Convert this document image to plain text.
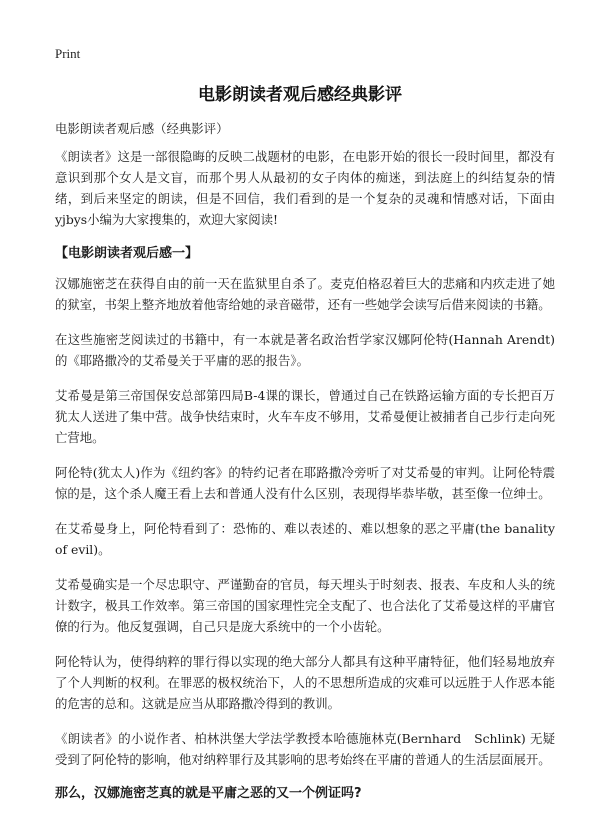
Print
电影朗读者观后感经典影评

电影朗读者观后感（经典影评）

《朗读者》这是一部很隐晦的反映二战题材的电影，在电影开始的很长一段时间里，都没有意识到那个女人是文盲，而那个男人从最初的女子肉体的痴迷，到法庭上的纠结复杂的情绪，到后来坚定的朗读，但是不回信，我们看到的是一个复杂的灵魂和情感对话，下面由yjbys小编为大家搜集的，欢迎大家阅读!

【电影朗读者观后感一】

汉娜施密芝在获得自由的前一天在监狱里自杀了。麦克伯格忍着巨大的悲痛和内疚走进了她的狱室，书架上整齐地放着他寄给她的录音磁带，还有一些她学会读写后借来阅读的书籍。

在这些施密芝阅读过的书籍中，有一本就是著名政治哲学家汉娜阿伦特(Hannah Arendt)的《耶路撒冷的艾希曼关于平庸的恶的报告》。

艾希曼是第三帝国保安总部第四局B-4课的课长，曾通过自己在铁路运输方面的专长把百万犹太人送进了集中营。战争快结束时，火车车皮不够用，艾希曼便让被捕者自己步行走向死亡营地。

阿伦特(犹太人)作为《纽约客》的特约记者在耶路撒冷旁听了对艾希曼的审判。让阿伦特震惊的是，这个杀人魔王看上去和普通人没有什么区别，表现得毕恭毕敬，甚至像一位绅士。

在艾希曼身上，阿伦特看到了：恐怖的、难以表述的、难以想象的恶之平庸(the banality　of evil)。

艾希曼确实是一个尽忠职守、严谨勤奋的官员，每天埋头于时刻表、报表、车皮和人头的统计数字，极具工作效率。第三帝国的国家理性完全支配了、也合法化了艾希曼这样的平庸官僚的行为。他反复强调，自己只是庞大系统中的一个小齿轮。

阿伦特认为，使得纳粹的罪行得以实现的绝大部分人都具有这种平庸特征，他们轻易地放弃了个人判断的权利。在罪恶的极权统治下，人的不思想所造成的灾难可以远胜于人作恶本能的危害的总和。这就是应当从耶路撒冷得到的教训。

《朗读者》的小说作者、柏林洪堡大学法学教授本哈德施林克(Bernhard　Schlink) 无疑受到了阿伦特的影响，他对纳粹罪行及其影响的思考始终在平庸的普通人的生活层面展开。

那么，汉娜施密芝真的就是平庸之恶的又一个例证吗?
